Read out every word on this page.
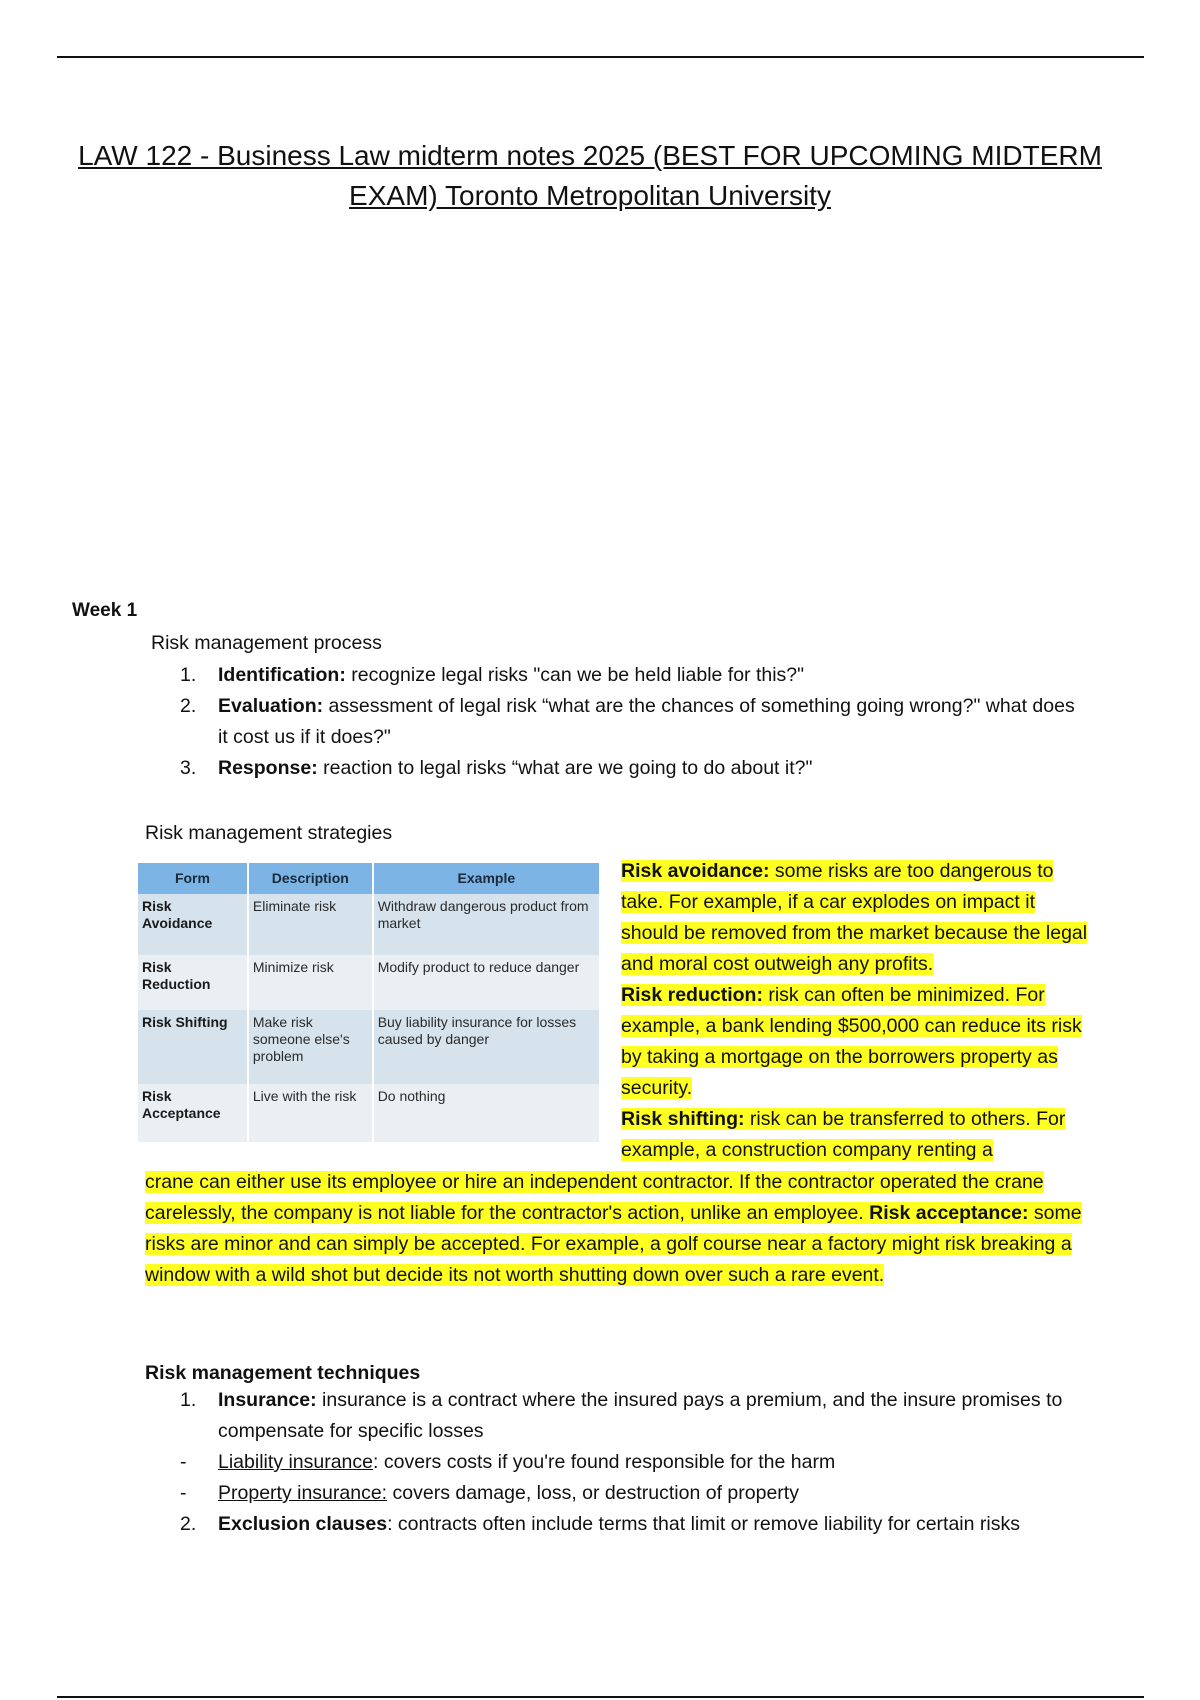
LAW 122 - Business Law midterm notes 2025 (BEST FOR UPCOMING MIDTERM EXAM) Toronto Metropolitan University
Week 1
Risk management process
1. Identification: recognize legal risks "can we be held liable for this?"
2. Evaluation: assessment of legal risk “what are the chances of something going wrong?" what does it cost us if it does?"
3. Response: reaction to legal risks “what are we going to do about it?"
Risk management strategies
Form	Description	Example
Risk Avoidance	Eliminate risk	Withdraw dangerous product from market
Risk Reduction	Minimize risk	Modify product to reduce danger
Risk Shifting	Make risk someone else's problem	Buy liability insurance for losses caused by danger
Risk Acceptance	Live with the risk	Do nothing

Risk avoidance: some risks are too dangerous to take. For example, if a car explodes on impact it should be removed from the market because the legal and moral cost outweigh any profits.

Risk reduction: risk can often be minimized. For example, a bank lending $500,000 can reduce its risk by taking a mortgage on the borrowers property as security.

Risk shifting: risk can be transferred to others. For example, a construction company renting a

crane can either use its employee or hire an independent contractor. If the contractor operated the crane carelessly, the company is not liable for the contractor's action, unlike an employee. Risk acceptance: some risks are minor and can simply be accepted. For example, a golf course near a factory might risk breaking a window with a wild shot but decide its not worth shutting down over such a rare event.

Risk management techniques
1. Insurance: insurance is a contract where the insured pays a premium, and the insure promises to compensate for specific losses
- Liability insurance: covers costs if you're found responsible for the harm
- Property insurance: covers damage, loss, or destruction of property
2. Exclusion clauses: contracts often include terms that limit or remove liability for certain risks
